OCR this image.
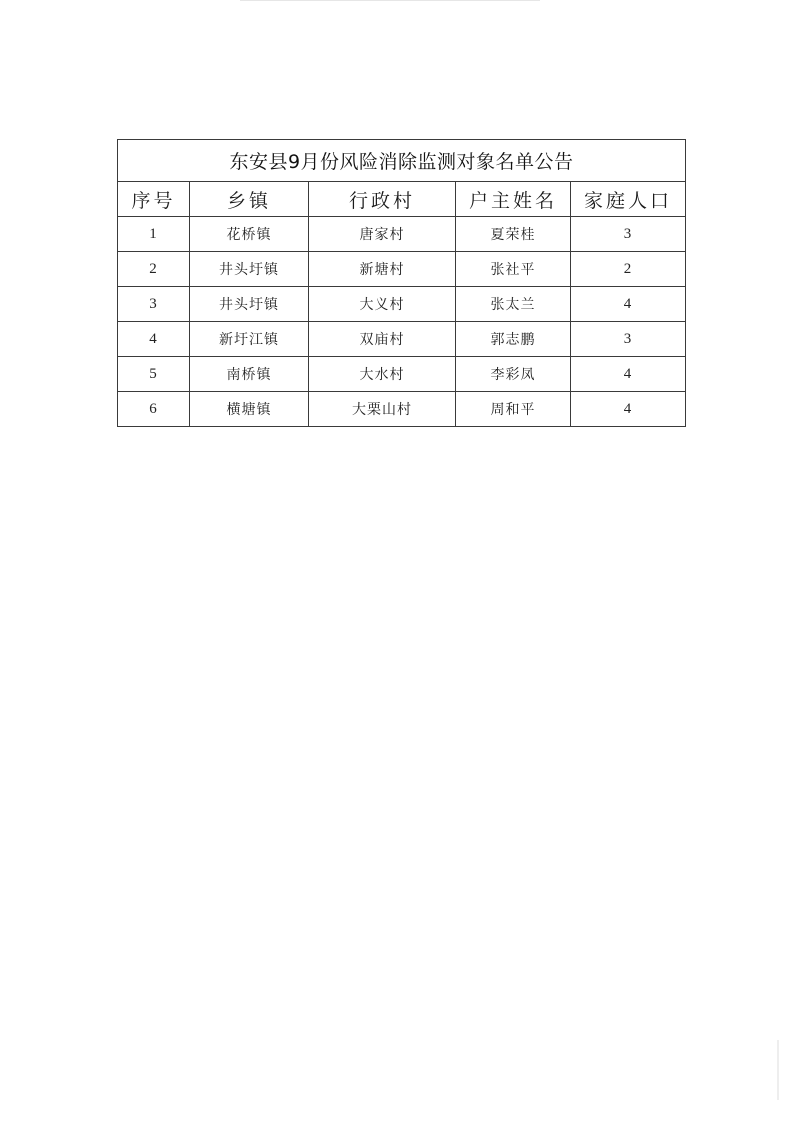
东安县9月份风险消除监测对象名单公告				
序号	乡镇	行政村	户主姓名	家庭人口
1	花桥镇	唐家村	夏荣桂	3
2	井头圩镇	新塘村	张社平	2
3	井头圩镇	大义村	张太兰	4
4	新圩江镇	双庙村	郭志鹏	3
5	南桥镇	大水村	李彩凤	4
6	横塘镇	大栗山村	周和平	4
